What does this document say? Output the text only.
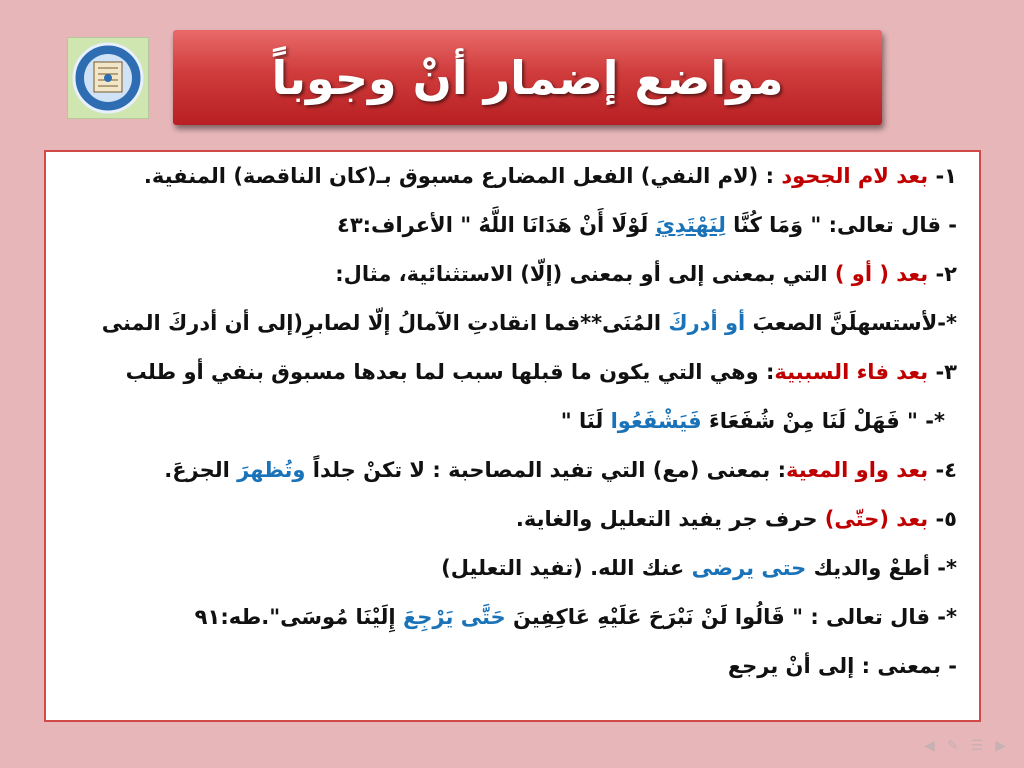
مواضع إضمار أنْ وجوباً
١- بعد لام الجحود : (لام النفي) الفعل المضارع مسبوق بـ(كان الناقصة) المنفية.
- قال تعالى: " وَمَا كُنَّا لِنَهْتَدِيَ لَوْلَا أَنْ هَدَانَا اللَّهُ " الأعراف:٤٣
٢- بعد ( أو ) التي بمعنى إلى أو بمعنى (إلّا) الاستثنائية، مثال:
*-لأستسهلَنَّ الصعبَ أو أدركَ المُنَى**فما انقادتِ الآمالُ إلّا لصابرِ(إلى أن أدركَ المنى
٣- بعد فاء السببية: وهي التي يكون ما قبلها سبب لما بعدها مسبوق بنفي أو طلب
*- " فَهَلْ لَنَا مِنْ شُفَعَاءَ فَيَشْفَعُوا لَنَا "
٤- بعد واو المعية: بمعنى (مع) التي تفيد المصاحبة : لا تكنْ جلداً وتُظهرَ الجزعَ.
٥- بعد (حتّى) حرف جر يفيد التعليل والغاية.
*- أطعْ والديك حتى يرضى عنك الله. (تفيد التعليل)
*- قال تعالى : " قَالُوا لَنْ نَبْرَحَ عَلَيْهِ عَاكِفِينَ حَتَّى يَرْجِعَ إِلَيْنَا مُوسَى".طه:٩١
- بمعنى : إلى أنْ يرجع
◀ ✎ ☰ ▶
